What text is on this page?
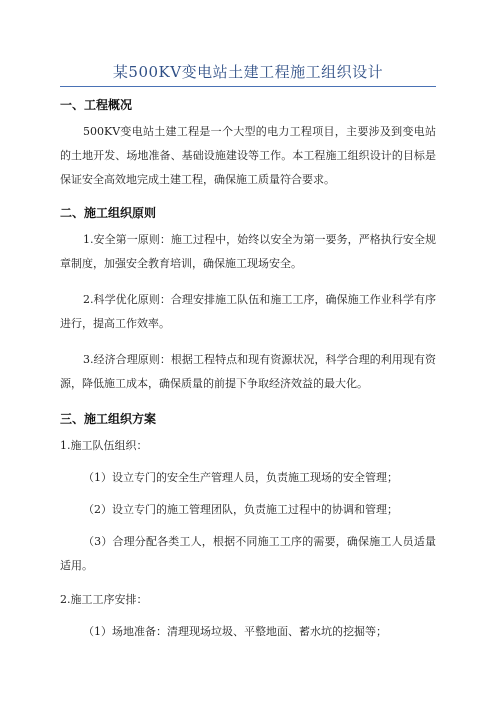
某500KV变电站土建工程施工组织设计
一、工程概况
500KV变电站土建工程是一个大型的电力工程项目，主要涉及到变电站的土地开发、场地准备、基础设施建设等工作。本工程施工组织设计的目标是保证安全高效地完成土建工程，确保施工质量符合要求。
二、施工组织原则
1.安全第一原则：施工过程中，始终以安全为第一要务，严格执行安全规章制度，加强安全教育培训，确保施工现场安全。
2.科学优化原则：合理安排施工队伍和施工工序，确保施工作业科学有序进行，提高工作效率。
3.经济合理原则：根据工程特点和现有资源状况，科学合理的利用现有资源，降低施工成本，确保质量的前提下争取经济效益的最大化。
三、施工组织方案
1.施工队伍组织：
（1）设立专门的安全生产管理人员，负责施工现场的安全管理；
（2）设立专门的施工管理团队，负责施工过程中的协调和管理；
（3）合理分配各类工人，根据不同施工工序的需要，确保施工人员适量适用。
2.施工工序安排：
（1）场地准备：清理现场垃圾、平整地面、蓄水坑的挖掘等；
